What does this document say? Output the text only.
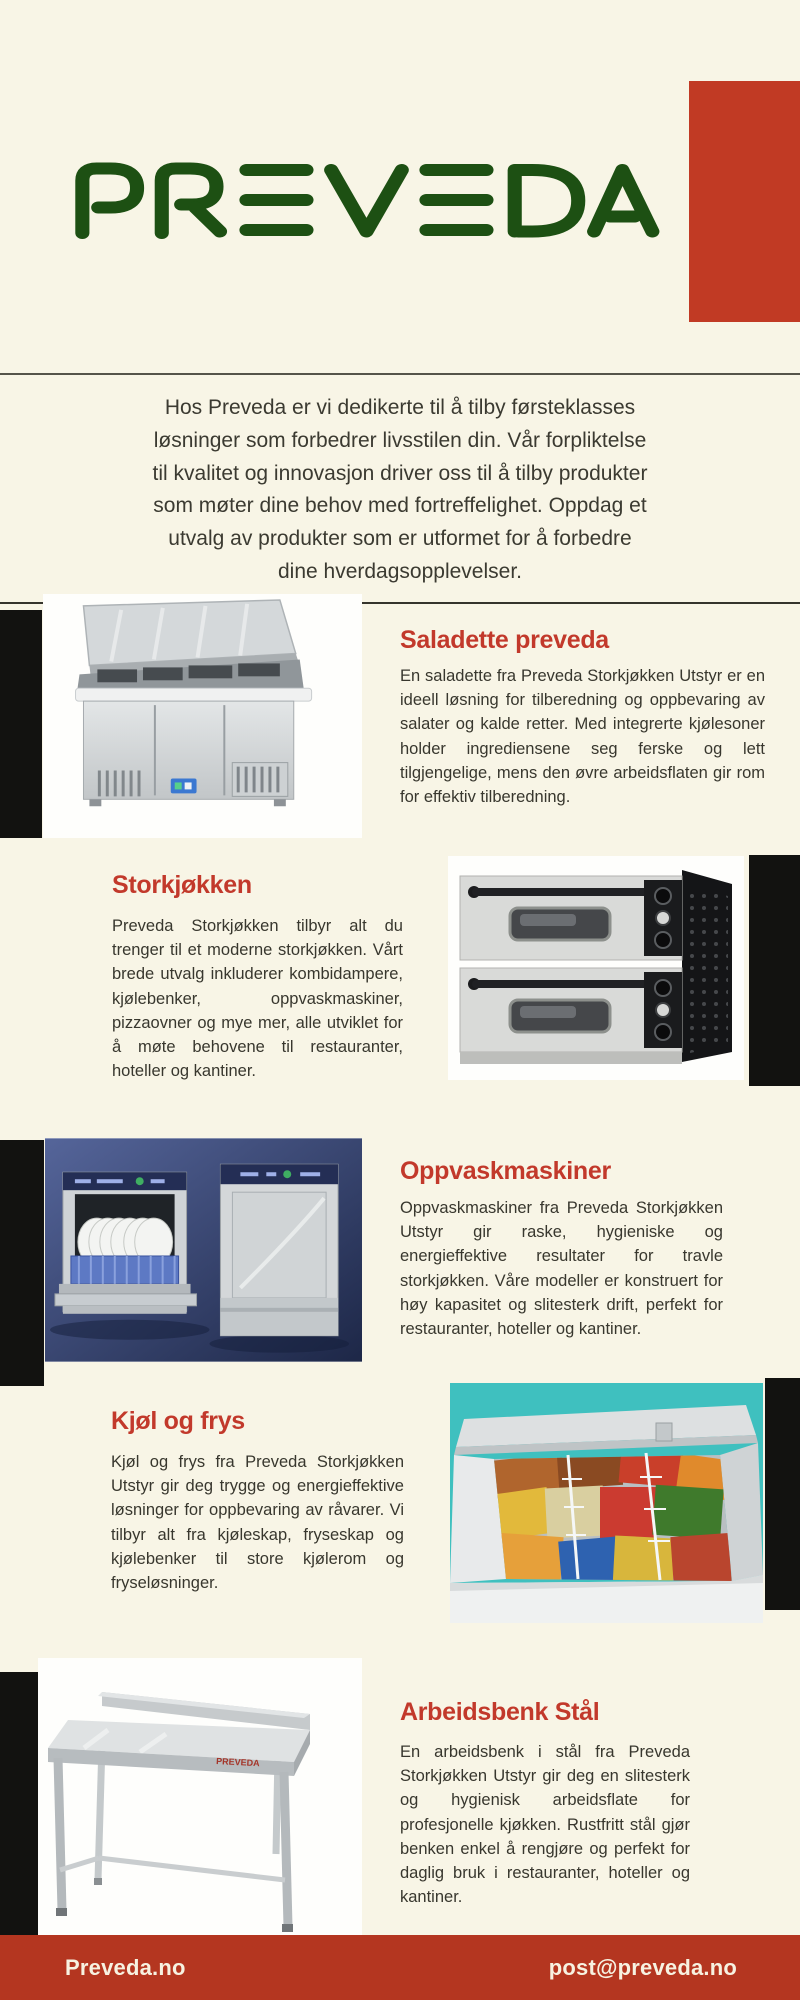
Hos Preveda er vi dedikerte til å tilby førsteklasses
løsninger som forbedrer livsstilen din. Vår forpliktelse
til kvalitet og innovasjon driver oss til å tilby produkter
som møter dine behov med fortreffelighet. Oppdag et
utvalg av produkter som er utformet for å forbedre
dine hverdagsopplevelser.
Saladette preveda

En saladette fra Preveda Storkjøkken Utstyr er en ideell løsning for tilberedning og oppbevaring av salater og kalde retter. Med integrerte kjølesoner holder ingrediensene seg ferske og lett tilgjengelige, mens den øvre arbeidsflaten gir rom for effektiv tilberedning.

Storkjøkken

Preveda Storkjøkken tilbyr alt du trenger til et moderne storkjøkken. Vårt brede utvalg inkluderer kombidampere, kjølebenker, oppvaskmaskiner, pizzaovner og mye mer, alle utviklet for å møte behovene til restauranter, hoteller og kantiner.

Oppvaskmaskiner

Oppvaskmaskiner fra Preveda Storkjøkken Utstyr gir raske, hygieniske og energieffektive resultater for travle storkjøkken. Våre modeller er konstruert for høy kapasitet og slitesterk drift, perfekt for restauranter, hoteller og kantiner.

Kjøl og frys

Kjøl og frys fra Preveda Storkjøkken Utstyr gir deg trygge og energieffektive løsninger for oppbevaring av råvarer. Vi tilbyr alt fra kjøleskap, fryseskap og kjølebenker til store kjølerom og fryseløsninger.

PREVEDA
Arbeidsbenk Stål

En arbeidsbenk i stål fra Preveda Storkjøkken Utstyr gir deg en slitesterk og hygienisk arbeidsflate for profesjonelle kjøkken. Rustfritt stål gjør benken enkel å rengjøre og perfekt for daglig bruk i restauranter, hoteller og kantiner.

Preveda.no	post@preveda.no
